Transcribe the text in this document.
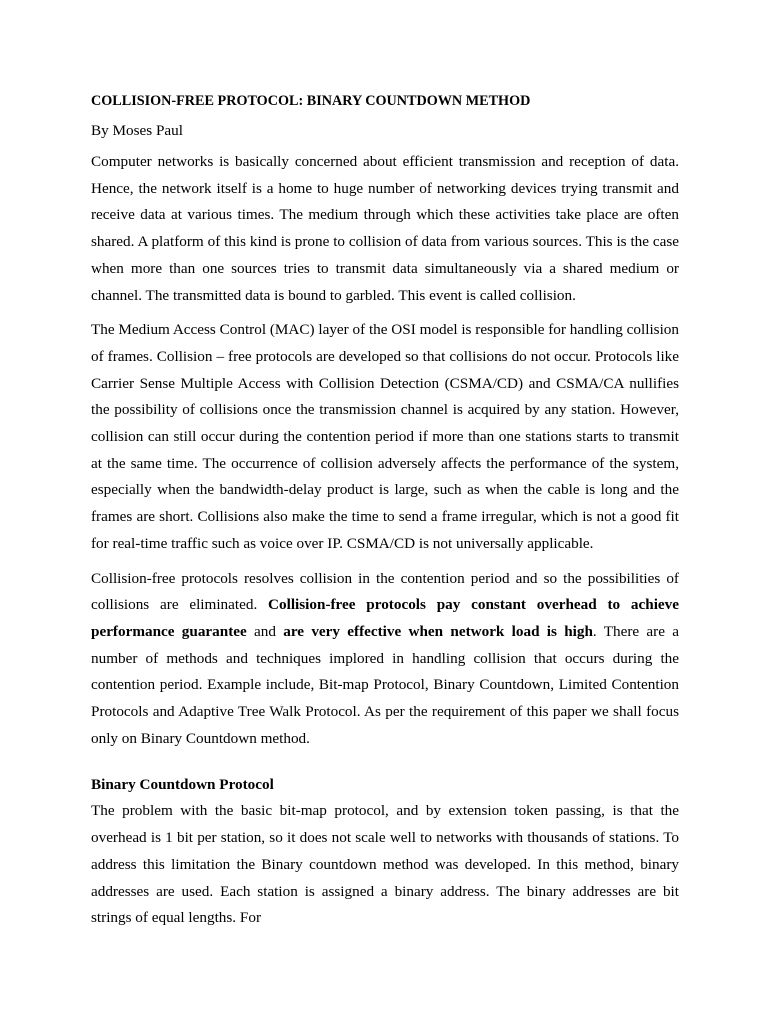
COLLISION-FREE PROTOCOL: BINARY COUNTDOWN METHOD
By Moses Paul

Computer networks is basically concerned about efficient transmission and reception of data. Hence, the network itself is a home to huge number of networking devices trying transmit and receive data at various times. The medium through which these activities take place are often shared. A platform of this kind is prone to collision of data from various sources. This is the case when more than one sources tries to transmit data simultaneously via a shared medium or channel. The transmitted data is bound to garbled. This event is called collision.

The Medium Access Control (MAC) layer of the OSI model is responsible for handling collision of frames. Collision – free protocols are developed so that collisions do not occur. Protocols like Carrier Sense Multiple Access with Collision Detection (CSMA/CD) and CSMA/CA nullifies the possibility of collisions once the transmission channel is acquired by any station. However, collision can still occur during the contention period if more than one stations starts to transmit at the same time. The occurrence of collision adversely affects the performance of the system, especially when the bandwidth-delay product is large, such as when the cable is long and the frames are short. Collisions also make the time to send a frame irregular, which is not a good fit for real-time traffic such as voice over IP. CSMA/CD is not universally applicable.

Collision-free protocols resolves collision in the contention period and so the possibilities of collisions are eliminated. Collision-free protocols pay constant overhead to achieve performance guarantee and are very effective when network load is high. There are a number of methods and techniques implored in handling collision that occurs during the contention period. Example include, Bit-map Protocol, Binary Countdown, Limited Contention Protocols and Adaptive Tree Walk Protocol. As per the requirement of this paper we shall focus only on Binary Countdown method.

Binary Countdown Protocol

The problem with the basic bit-map protocol, and by extension token passing, is that the overhead is 1 bit per station, so it does not scale well to networks with thousands of stations. To address this limitation the Binary countdown method was developed. In this method, binary addresses are used. Each station is assigned a binary address. The binary addresses are bit strings of equal lengths. For
